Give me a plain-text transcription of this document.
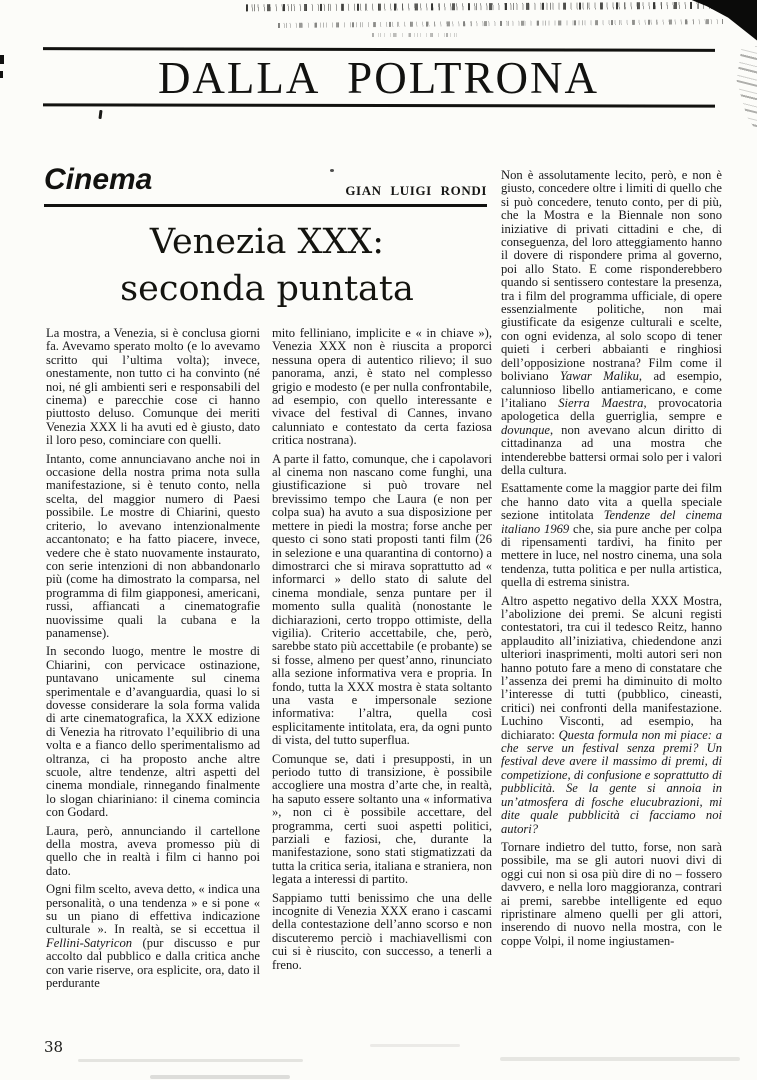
DALLA POLTRONA
Cinema	GIAN LUIGI RONDI
Venezia XXX:
seconda puntata

La mostra, a Venezia, si è conclusa giorni fa. Avevamo sperato molto (e lo avevamo scritto qui l’ultima volta); invece, onestamente, non tutto ci ha convinto (né noi, né gli ambienti seri e responsabili del cinema) e parecchie cose ci hanno piuttosto deluso. Comunque dei meriti Venezia XXX li ha avuti ed è giusto, dato il loro peso, cominciare con quelli.

Intanto, come annunciavano anche noi in occasione della nostra prima nota sulla manifestazione, si è tenuto conto, nella scelta, del maggior numero di Paesi possibile. Le mostre di Chiarini, questo criterio, lo avevano intenzionalmente accantonato; e ha fatto piacere, invece, vedere che è stato nuovamente instaurato, con serie intenzioni di non abbandonarlo più (come ha dimostrato la comparsa, nel programma di film giapponesi, americani, russi, affiancati a cinematografie nuovissime quali la cubana e la panamense).

In secondo luogo, mentre le mostre di Chiarini, con pervicace ostinazione, puntavano unicamente sul cinema sperimentale e d’avanguardia, quasi lo si dovesse considerare la sola forma valida di arte cinematografica, la XXX edizione di Venezia ha ritrovato l’equilibrio di una volta e a fianco dello sperimentalismo ad oltranza, ci ha proposto anche altre scuole, altre tendenze, altri aspetti del cinema mondiale, rinnegando finalmente lo slogan chiariniano: il cinema comincia con Godard.

Laura, però, annunciando il cartellone della mostra, aveva promesso più di quello che in realtà i film ci hanno poi dato.

Ogni film scelto, aveva detto, « indica una personalità, o una tendenza » e si pone « su un piano di effettiva indicazione culturale ». In realtà, se si eccettua il Fellini-Satyricon (pur discusso e pur accolto dal pubblico e dalla critica anche con varie riserve, ora esplicite, ora, dato il perdurante

mito felliniano, implicite e « in chiave »), Venezia XXX non è riuscita a proporci nessuna opera di autentico rilievo; il suo panorama, anzi, è stato nel complesso grigio e modesto (e per nulla confrontabile, ad esempio, con quello interessante e vivace del festival di Cannes, invano calunniato e contestato da certa faziosa critica nostrana).

A parte il fatto, comunque, che i capolavori al cinema non nascano come funghi, una giustificazione si può trovare nel brevissimo tempo che Laura (e non per colpa sua) ha avuto a sua disposizione per mettere in piedi la mostra; forse anche per questo ci sono stati proposti tanti film (26 in selezione e una quarantina di contorno) a dimostrarci che si mirava soprattutto ad « informarci » dello stato di salute del cinema mondiale, senza puntare per il momento sulla qualità (nonostante le dichiarazioni, certo troppo ottimiste, della vigilia). Criterio accettabile, che, però, sarebbe stato più accettabile (e probante) se si fosse, almeno per quest’anno, rinunciato alla sezione informativa vera e propria. In fondo, tutta la XXX mostra è stata soltanto una vasta e impersonale sezione informativa: l’altra, quella così esplicitamente intitolata, era, da ogni punto di vista, del tutto superflua.

Comunque se, dati i presupposti, in un periodo tutto di transizione, è possibile accogliere una mostra d’arte che, in realtà, ha saputo essere soltanto una « informativa », non ci è possibile accettare, del programma, certi suoi aspetti politici, parziali e faziosi, che, durante la manifestazione, sono stati stigmatizzati da tutta la critica seria, italiana e straniera, non legata a interessi di partito.

Sappiamo tutti benissimo che una delle incognite di Venezia XXX erano i cascami della contestazione dell’anno scorso e non discuteremo perciò i machiavellismi con cui si è riuscito, con successo, a tenerli a freno.

Non è assolutamente lecito, però, e non è giusto, concedere oltre i limiti di quello che si può concedere, tenuto conto, per di più, che la Mostra e la Biennale non sono iniziative di privati cittadini e che, di conseguenza, del loro atteggiamento hanno il dovere di rispondere prima al governo, poi allo Stato. E come risponderebbero quando si sentissero contestare la presenza, tra i film del programma ufficiale, di opere essenzialmente politiche, non mai giustificate da esigenze culturali e scelte, con ogni evidenza, al solo scopo di tener quieti i cerberi abbaianti e ringhiosi dell’opposizione nostrana? Film come il boliviano Yawar Maliku, ad esempio, calunnioso libello antiamericano, e come l’italiano Sierra Maestra, provocatoria apologetica della guerriglia, sempre e dovunque, non avevano alcun diritto di cittadinanza ad una mostra che intenderebbe battersi ormai solo per i valori della cultura.

Esattamente come la maggior parte dei film che hanno dato vita a quella speciale sezione intitolata Tendenze del cinema italiano 1969 che, sia pure anche per colpa di ripensamenti tardivi, ha finito per mettere in luce, nel nostro cinema, una sola tendenza, tutta politica e per nulla artistica, quella di estrema sinistra.

Altro aspetto negativo della XXX Mostra, l’abolizione dei premi. Se alcuni registi contestatori, tra cui il tedesco Reitz, hanno applaudito all’iniziativa, chiedendone anzi ulteriori inasprimenti, molti autori seri non hanno potuto fare a meno di constatare che l’assenza dei premi ha diminuito di molto l’interesse di tutti (pubblico, cineasti, critici) nei confronti della manifestazione. Luchino Visconti, ad esempio, ha dichiarato: Questa formula non mi piace: a che serve un festival senza premi? Un festival deve avere il massimo di premi, di competizione, di confusione e soprattutto di pubblicità. Se la gente si annoia in un’atmosfera di fosche elucubrazioni, mi dite quale pubblicità ci facciamo noi autori?

Tornare indietro del tutto, forse, non sarà possibile, ma se gli autori nuovi divi di oggi cui non si osa più dire di no – fossero davvero, e nella loro maggioranza, contrari ai premi, sarebbe intelligente ed equo ripristinare almeno quelli per gli attori, inserendo di nuovo nella mostra, con le coppe Volpi, il nome ingiustamen-

38
